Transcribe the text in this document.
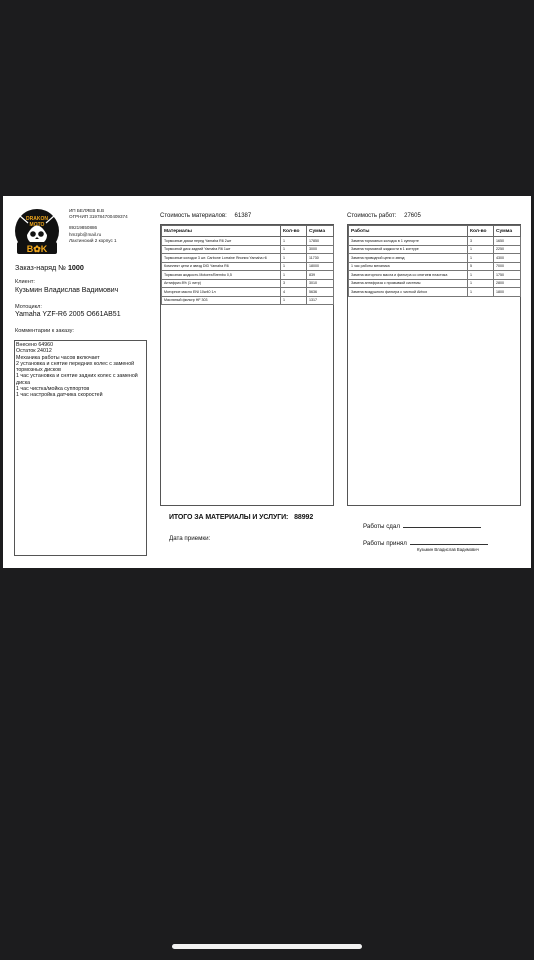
DRAKON
MOTO
B✿K
ИП БЕЛЯЕВ В.В
ОГРНИП 319784700409374
89219850886
hmzpb@mail.ru
Лахтинский 2 корпус 1
Заказ-наряд № 1000
Клиент:
Кузьмин Владислав Вадимович
Мотоцикл:
Yamaha YZF-R6 2005 O661AB51
Комментарии к заказу:
Внесено 64960
Остаток 24012
Механика работы часов включает
2 установка и снятие передних колес с заменой тормозных дисков
1 час установка и снятие задних колес с заменой диска
1 час чистка/мойка суппортов
1 час настройка датчика скоростей
Стоимость материалов: 61387
Материалы	Кол-во	Сумма
Тормозные диски перед Yamaha R6 2шт	1	17850
Тормозной диск задний Yamaha R6 1шт	1	3000
Тормозные колодки 3 шт. Carbone Lorraine Япония Yamaha r6	1	11730
Комплект цепи и звезд DID Yamaha R6	1	18000
Тормозная жидкость Motorex/Brembo 0,5	1	839
Антифриз 8% (1 литр)	3	3010
Моторное масло ENI 10w40 1л	4	5636
Масляный фильтр HF 303	1	1317
Стоимость работ: 27605
Работы	Кол-во	Сумма
Замена тормозных колодок в 1 суппорте	3	1650
Замена тормозной жидкости в 1 контуре	1	2250
Замена приводной цепи и звезд	1	4300
1 час работы механика	5	7000
Замена моторного масла и фильтра со снятием пластика	1	1750
Замена антифриза с промывкой системы	1	2800
Замена воздушного фильтра с чисткой Airbox	1	1800
ИТОГО ЗА МАТЕРИАЛЫ И УСЛУГИ: 88992
Дата приемки:
Работы сдал
Работы принял
Кузьмин Владислав Вадимович
